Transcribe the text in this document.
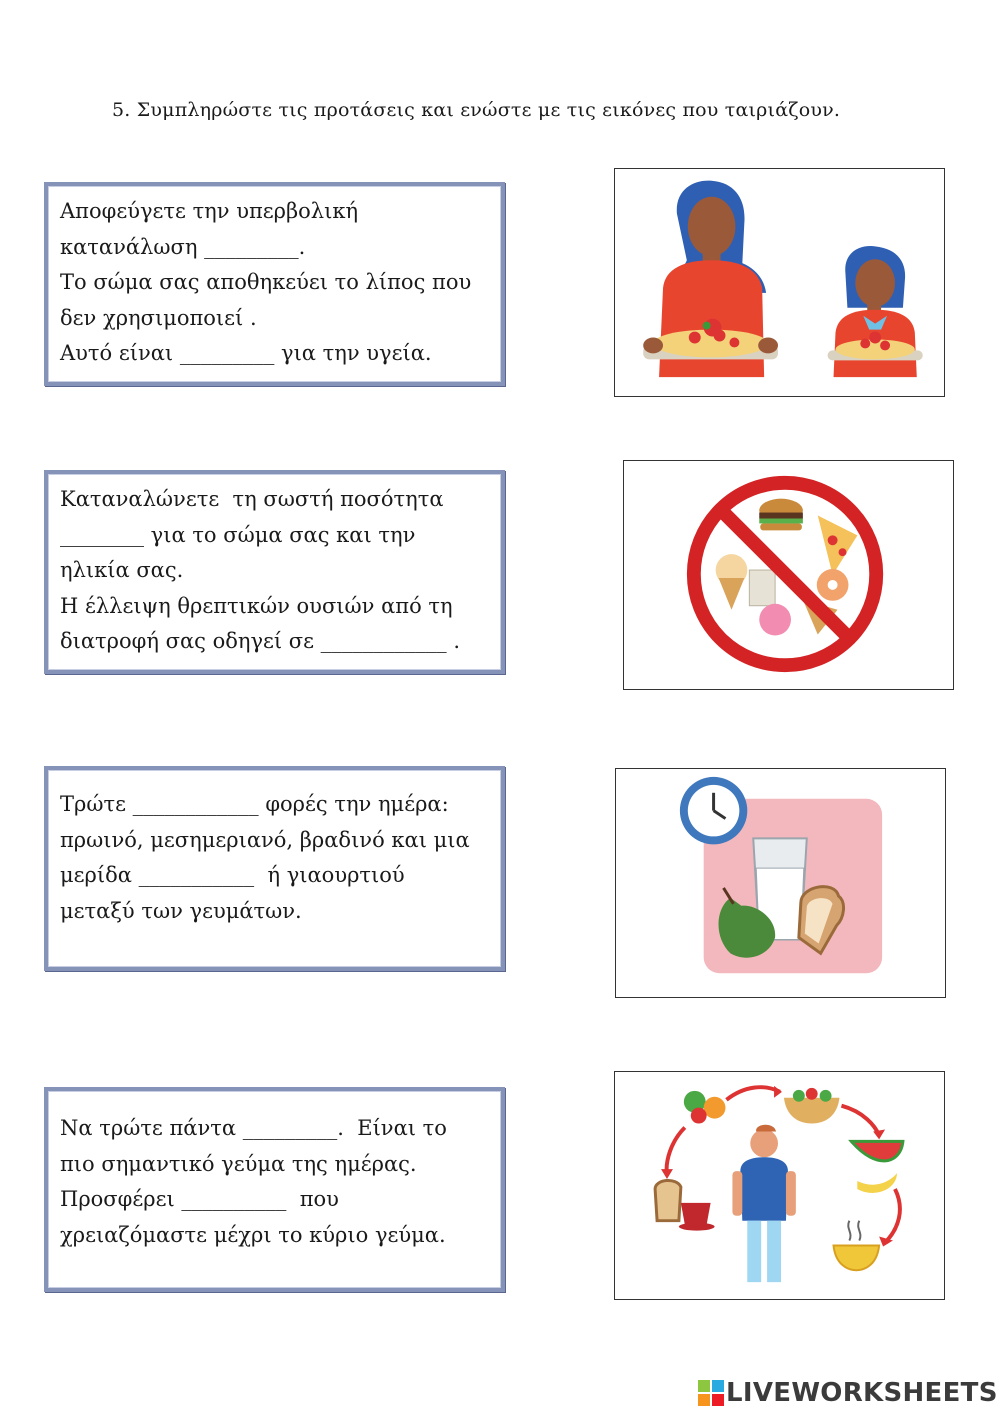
5. Συμπληρώστε τις προτάσεις και ενώστε με τις εικόνες που ταιριάζουν.
Αποφεύγετε την υπερβολική
κατανάλωση _________.
Το σώμα σας αποθηκεύει το λίπος που
δεν χρησιμοποιεί .
Αυτό είναι _________ για την υγεία.
Καταναλώνετε  τη σωστή ποσότητα
________ για το σώμα σας και την
ηλικία σας.
Η έλλειψη θρεπτικών ουσιών από τη
διατροφή σας οδηγεί σε ____________ .
Τρώτε ____________ φορές την ημέρα:
πρωινό, μεσημεριανό, βραδινό και μια
μερίδα ___________  ή γιαουρτιού
μεταξύ των γευμάτων.
Να τρώτε πάντα _________.  Είναι το
πιο σημαντικό γεύμα της ημέρας.
Προσφέρει __________  που
χρειαζόμαστε μέχρι το κύριο γεύμα.
LIVEWORKSHEETS
